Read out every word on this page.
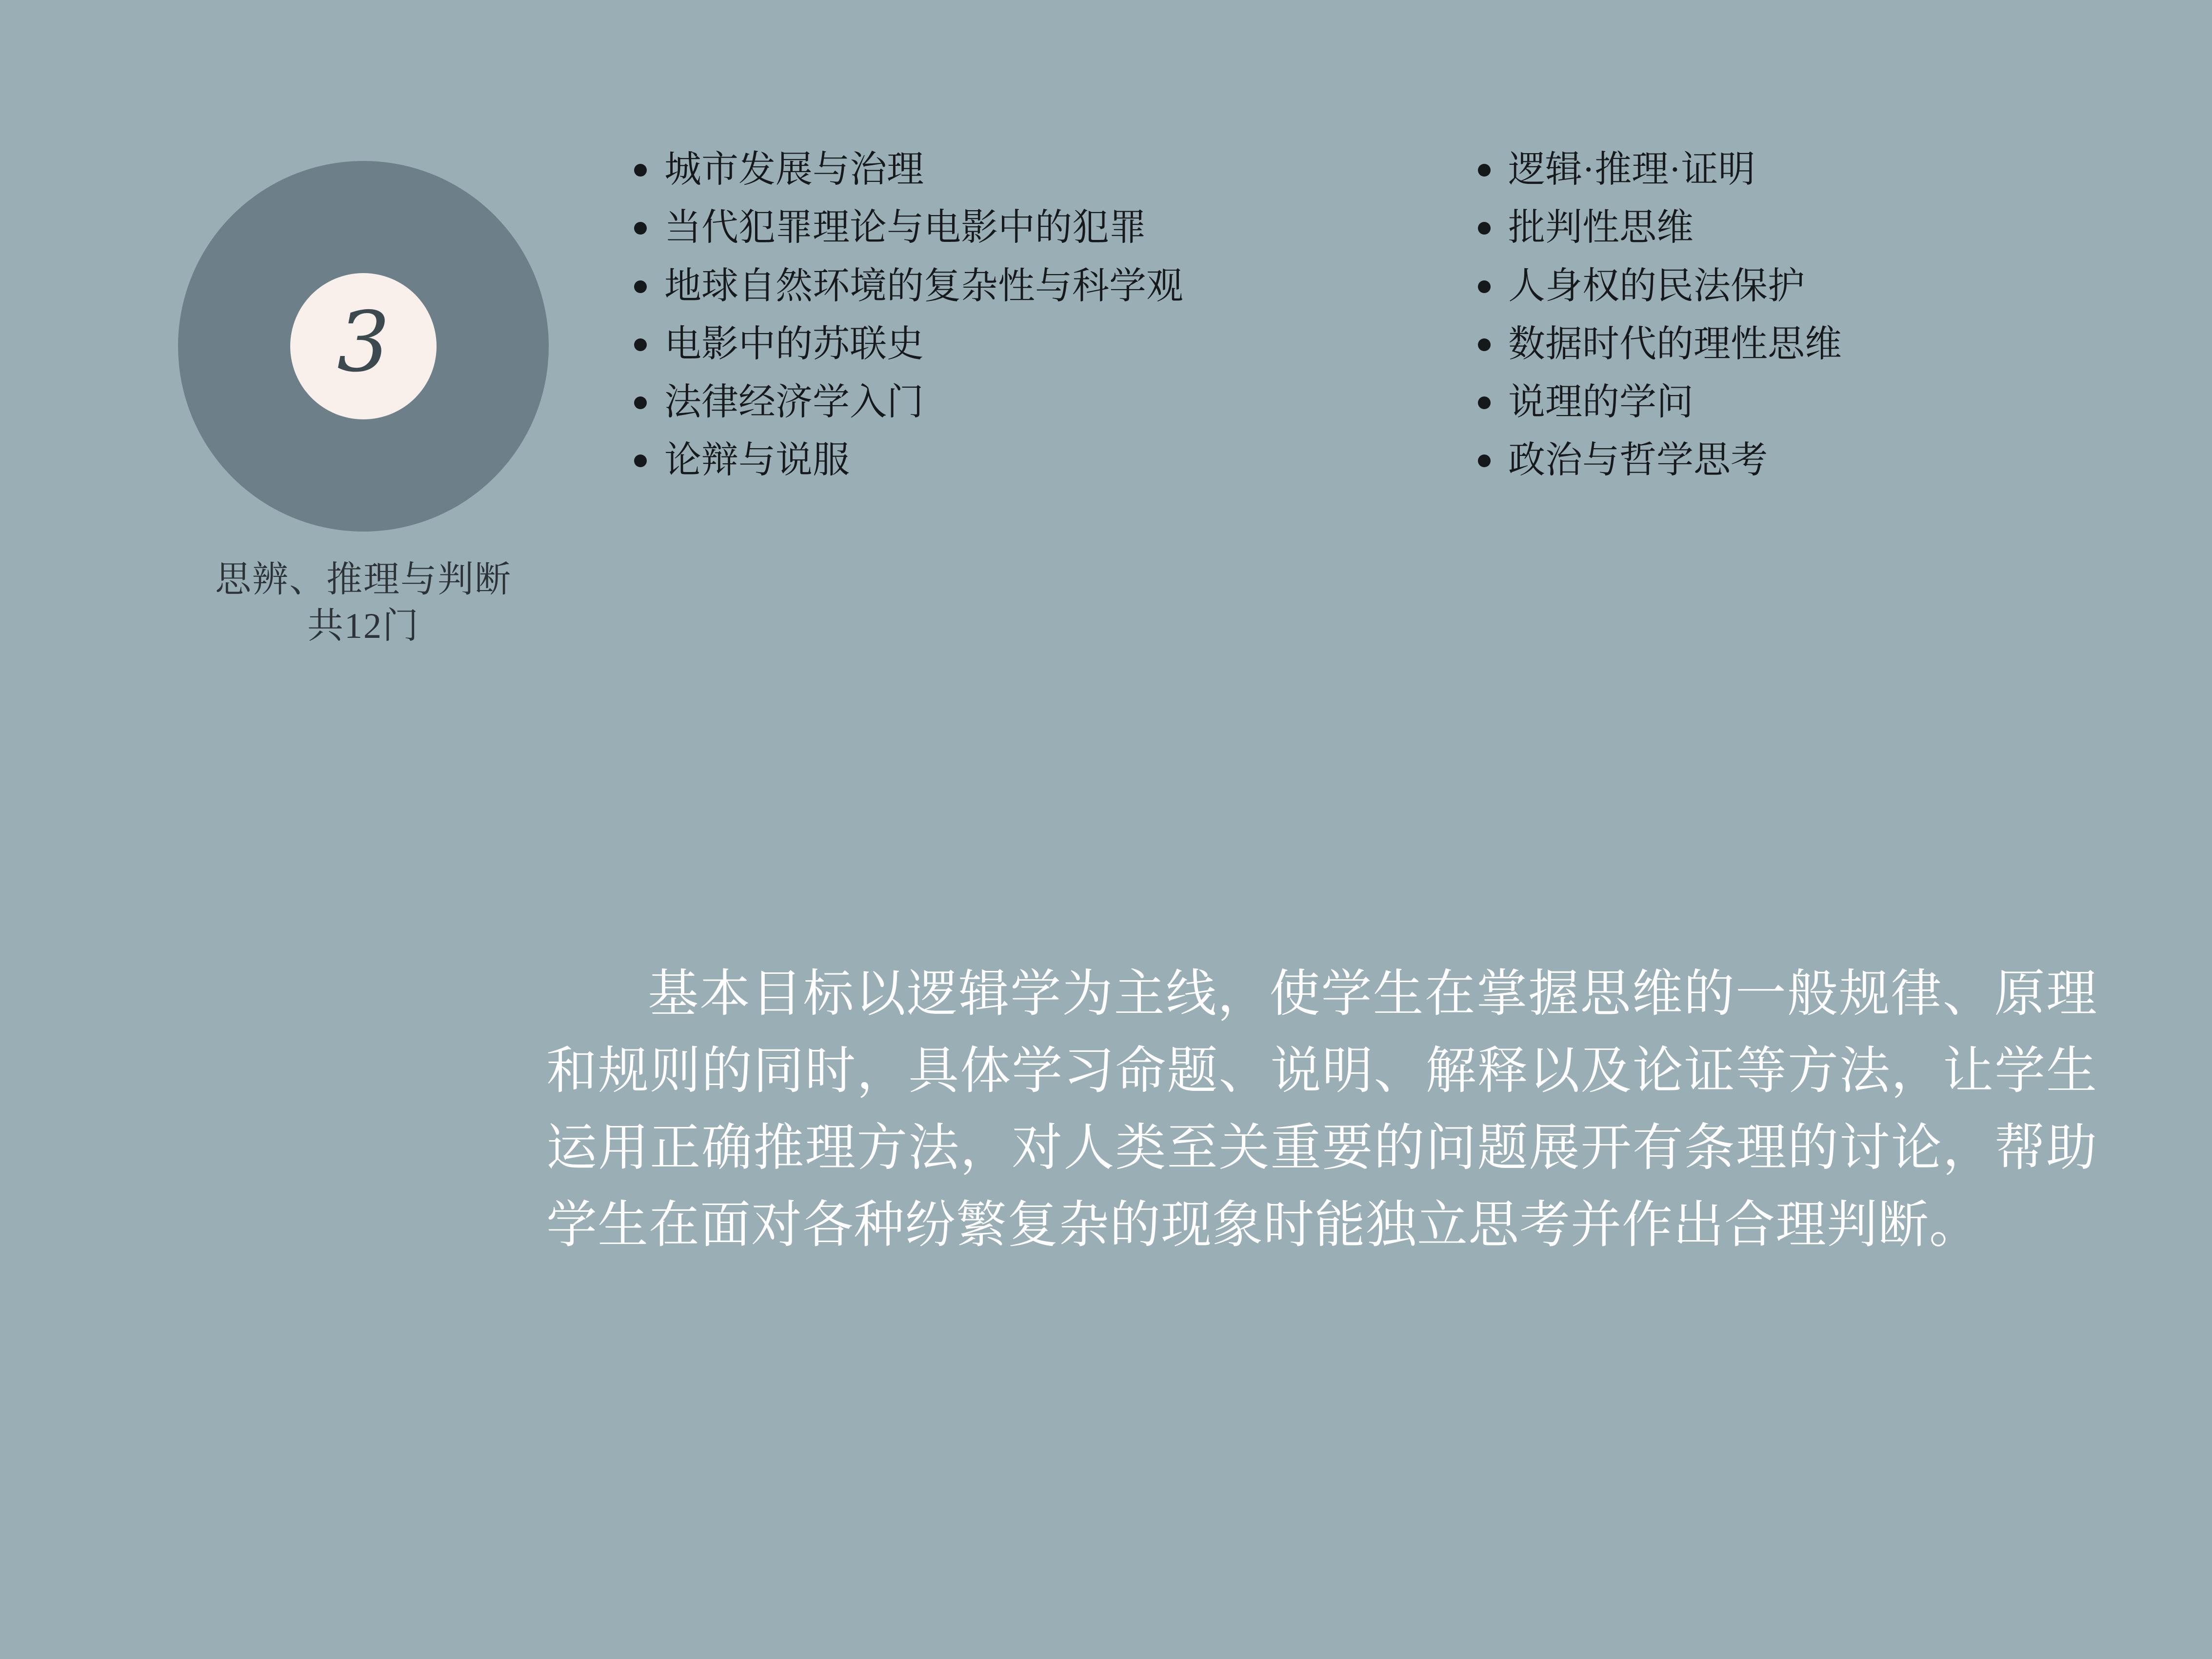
3
思辨、推理与判断
共12门
城市发展与治理
当代犯罪理论与电影中的犯罪
地球自然环境的复杂性与科学观
电影中的苏联史
法律经济学入门
论辩与说服
逻辑·推理·证明
批判性思维
人身权的民法保护
数据时代的理性思维
说理的学问
政治与哲学思考
基本目标以逻辑学为主线，使学生在掌握思维的一般规律、原理和规则的同时，具体学习命题、说明、解释以及论证等方法，让学生运用正确推理方法，对人类至关重要的问题展开有条理的讨论，帮助学生在面对各种纷繁复杂的现象时能独立思考并作出合理判断。
